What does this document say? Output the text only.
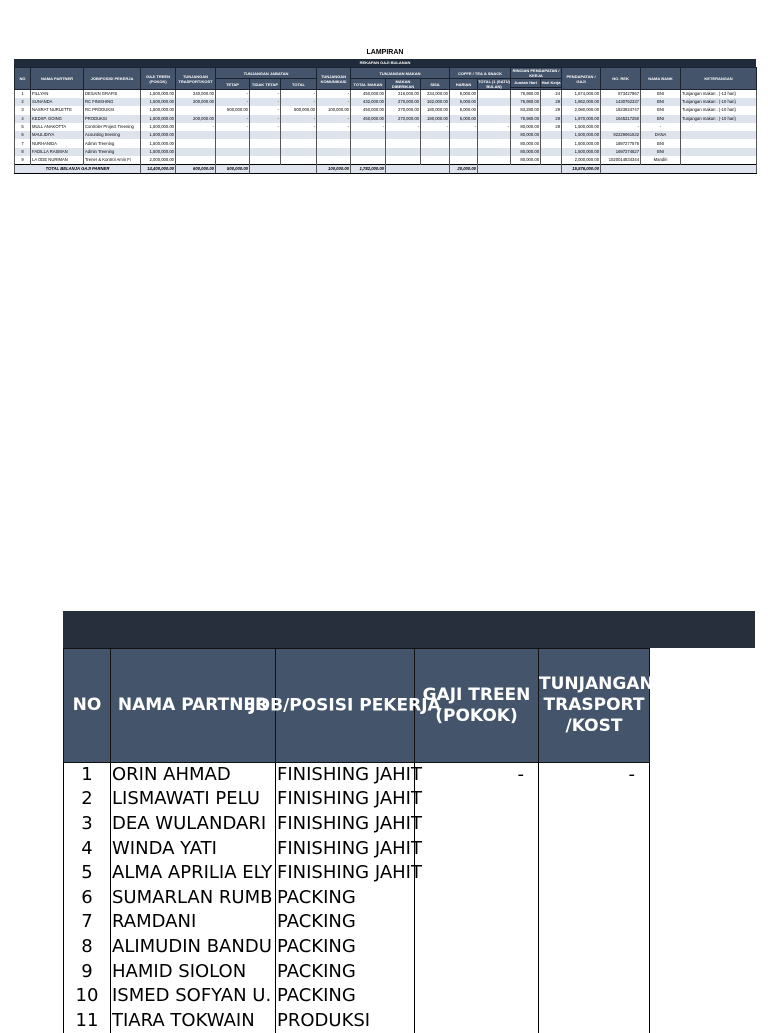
LAMPIRAN
REKAPAN GAJI BULANAN
NO	NAMA PARTNER	JOB/POSISI PEKERJA	GAJI TREEN (POKOK)	TUNJANGAN TRASPORT/KOST	TUNJANGAN JABATAN			TUNJANGAN KOMUNIKASI	TUNJANGAN MAKAN			COFFE / TEA & SNACK		RINCIAN PENDAPATAN / KERJA		PENDAPATAN / GAJI	NO. REK	NAMA BANK	KETERANGAN
					TETAP	TIDAK TETAP	TOTAL		TOTAL MAKAN	MAKAN DIBERIKAN	SISA	HARIAN	TOTAL (1 (SATU) BULAN)	Jumlah Hari	Hari Kerja				

1	FILLYAN	DESAIN GRAFIS	1,500,000.00	240,000.00	-	-	-	-	450,000.00	216,000.00	234,000.00	5,000.00		76,980.00	24	1,674,000.00	873427867	BNI	Tunjangan makan : (-13 hari)
2	SUNANDA	RC FINISHING	1,500,000.00	200,000.00	-	-	-	-	432,000.00	270,000.00	162,000.00	5,000.00		76,980.00	29	1,862,000.00	1430762337	BNI	Tunjangan makan : (-10 hari)
3	NASRAT NURLETTE	RC PRODUKSI	1,500,000.00		500,000.00	-	500,000.00	100,000.00	450,000.00	270,000.00	180,000.00	5,000.00		83,280.00	29	2,080,000.00	1823924747	BNI	Tunjangan makan : (-10 hari)
4	KEDXP. GOING	PRODUKSI	1,500,000.00	200,000.00	-	-	-	-	450,000.00	270,000.00	180,000.00	5,000.00		76,980.00	29	1,870,000.00	1645317250	BNI	Tunjangan makan : (-10 hari)
5	MULL ANAKOTTA	Controler Project Treening	1,500,000.00	-	-	-	-	-	-	-	-	-	-	80,000.00	29	1,500,000.00	-	-	
6	MAULIDIYA	Acounting treening	1,500,000.00											80,000.00		1,500,000.00	82229061532	DANA	
7	NURHANIDA	Admin Treening	1,500,000.00											80,000.00		1,500,000.00	1897277576	BNI	
8	FADILLA RASMAN	Admin Treening	1,500,000.00											80,000.00		1,500,000.00	1697274627	BNI	
9	LA ODE NURIMAN	Trener & Kontrol Amin Fi	2,000,000.00											80,000.00		2,000,000.00	1520014834344	Mandiri	
TOTAL BELANJA GAJI PARNER			14,400,000.00	600,000.00	500,000.00			100,000.00	1,782,000.00			20,000.00				15,576,000.00			
NO	NAMA PARTNER	JOB/POSISI PEKERJA	GAJI TREEN (POKOK)	TUNJANGAN TRASPORT /KOST
1	ORIN AHMAD	FINISHING JAHIT	-	-
2	LISMAWATI PELU	FINISHING JAHIT		
3	DEA WULANDARI	FINISHING JAHIT		
4	WINDA YATI	FINISHING JAHIT		
5	ALMA APRILIA ELY	FINISHING JAHIT		
6	SUMARLAN RUMB	PACKING		
7	RAMDANI	PACKING		
8	ALIMUDIN BANDU	PACKING		
9	HAMID SIOLON	PACKING		
10	ISMED SOFYAN U.	PACKING		
11	TIARA TOKWAIN	PRODUKSI		
